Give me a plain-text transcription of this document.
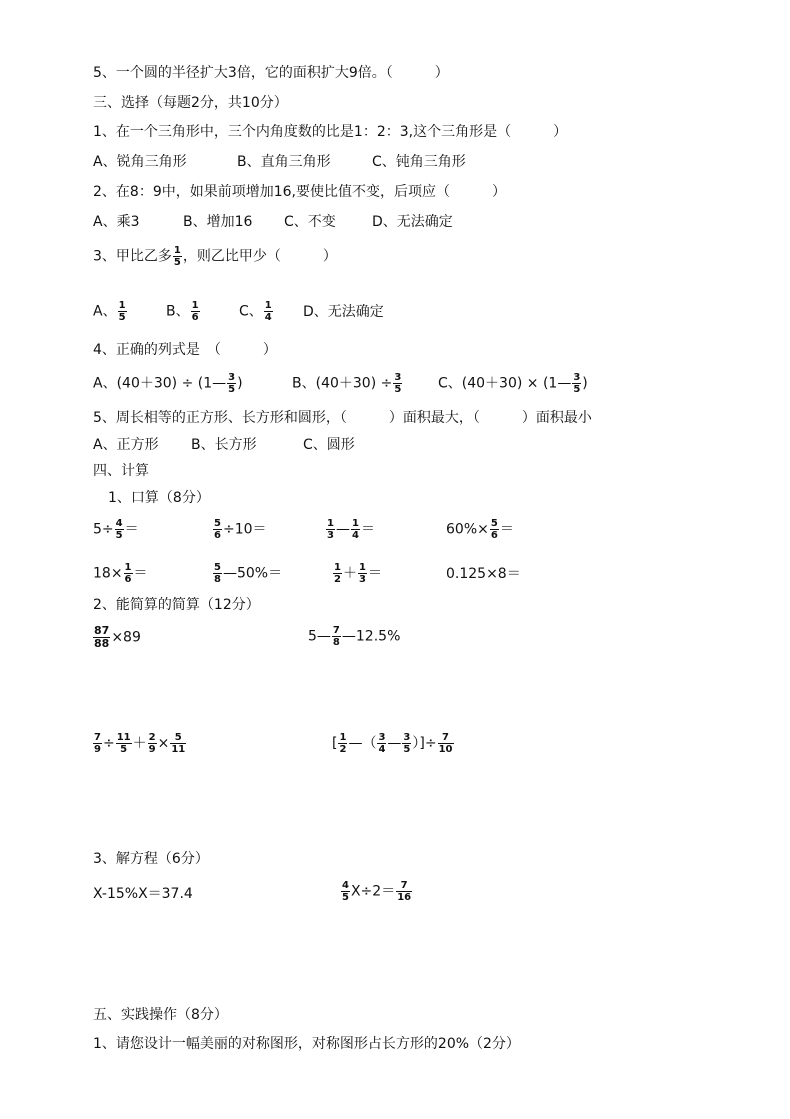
5、一个圆的半径扩大3倍，它的面积扩大9倍。（　　　）
三、选择（每题2分，共10分）
1、在一个三角形中，三个内角度数的比是1：2：3,这个三角形是（　　　）
A、锐角三角形	B、直角三角形	C、钝角三角形
2、在8：9中，如果前项增加16,要使比值不变，后项应（　　　）
A、乘3	B、增加16 C、不变	D、无法确定
3、甲比乙多 $\frac{1}{5}$ ，则乙比甲少（　　　）
A、 $\frac{1}{5}$	B、 $\frac{1}{6}$	C、 $\frac{1}{4}$ D、无法确定
4、正确的列式是　（　　　）
A、(40＋30) ÷ (1— $\frac{3}{5}$ )	B、$(40+30) \div \frac{3}{5}$	C、(40＋30) × (1— $\frac{3}{5}$ )
5、周长相等的正方形、长方形和圆形，（　　　）面积最大，（　　　）面积最小
A、正方形 B、长方形	C、圆形
四、计算
1、口算（8分）
$5\div \frac{4}{5}$ ＝	$\frac{5}{6} \div 10=$	$\frac{1}{3}$ — $\frac{1}{4}$ ＝	$60\%\times \frac{5}{6}$ ＝
$18\times \frac{1}{6}$ ＝	$\frac{5}{8}$ —50%＝	$\frac{1}{2} + \frac{1}{3}$ ＝	0.125×8＝
2、能简算的简算（12分）
$\frac{87}{88} \times 89$	5— $\frac{7}{8}$ —12.5%
$\frac{7}{9} \div \frac{11}{5} + \frac{2}{9} \times \frac{5}{11}$	[ $\frac{1}{2}$ —（ $\frac{3}{4}$ — $\frac{3}{5}$ ）]÷ $\frac{7}{10}$
3、解方程（6分）
X-15%X＝37.4	$\frac{4}{5} X\div 2= \frac{7}{16}$
五、实践操作（8分）
1、请您设计一幅美丽的对称图形，对称图形占长方形的20%（2分）
